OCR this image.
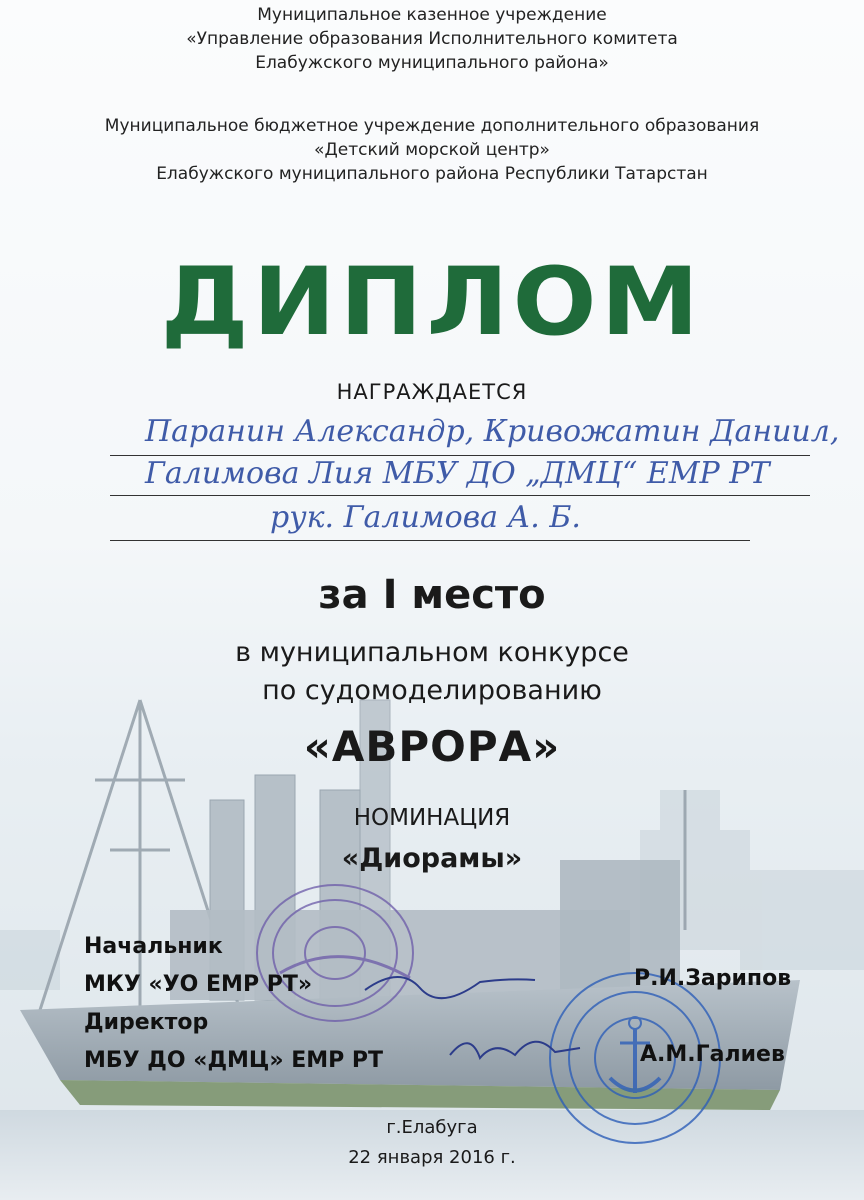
Муниципальное казенное учреждение
«Управление образования Исполнительного комитета
Елабужского муниципального района»
Муниципальное бюджетное учреждение дополнительного образования
«Детский морской центр»
Елабужского муниципального района Республики Татарстан
ДИПЛОМ
НАГРАЖДАЕТСЯ
Паранин Александр, Кривожатин Даниил,
Галимова Лия МБУ ДО „ДМЦ“ ЕМР РТ
рук. Галимова А. Б.
за I место
в муниципальном конкурсе
по судомоделированию
«АВРОРА»
НОМИНАЦИЯ
«Диорамы»
Начальник
МКУ «УО ЕМР РТ»
Директор
МБУ ДО «ДМЦ» ЕМР РТ
Р.И.Зарипов
А.М.Галиев
г.Елабуга
22 января 2016 г.
